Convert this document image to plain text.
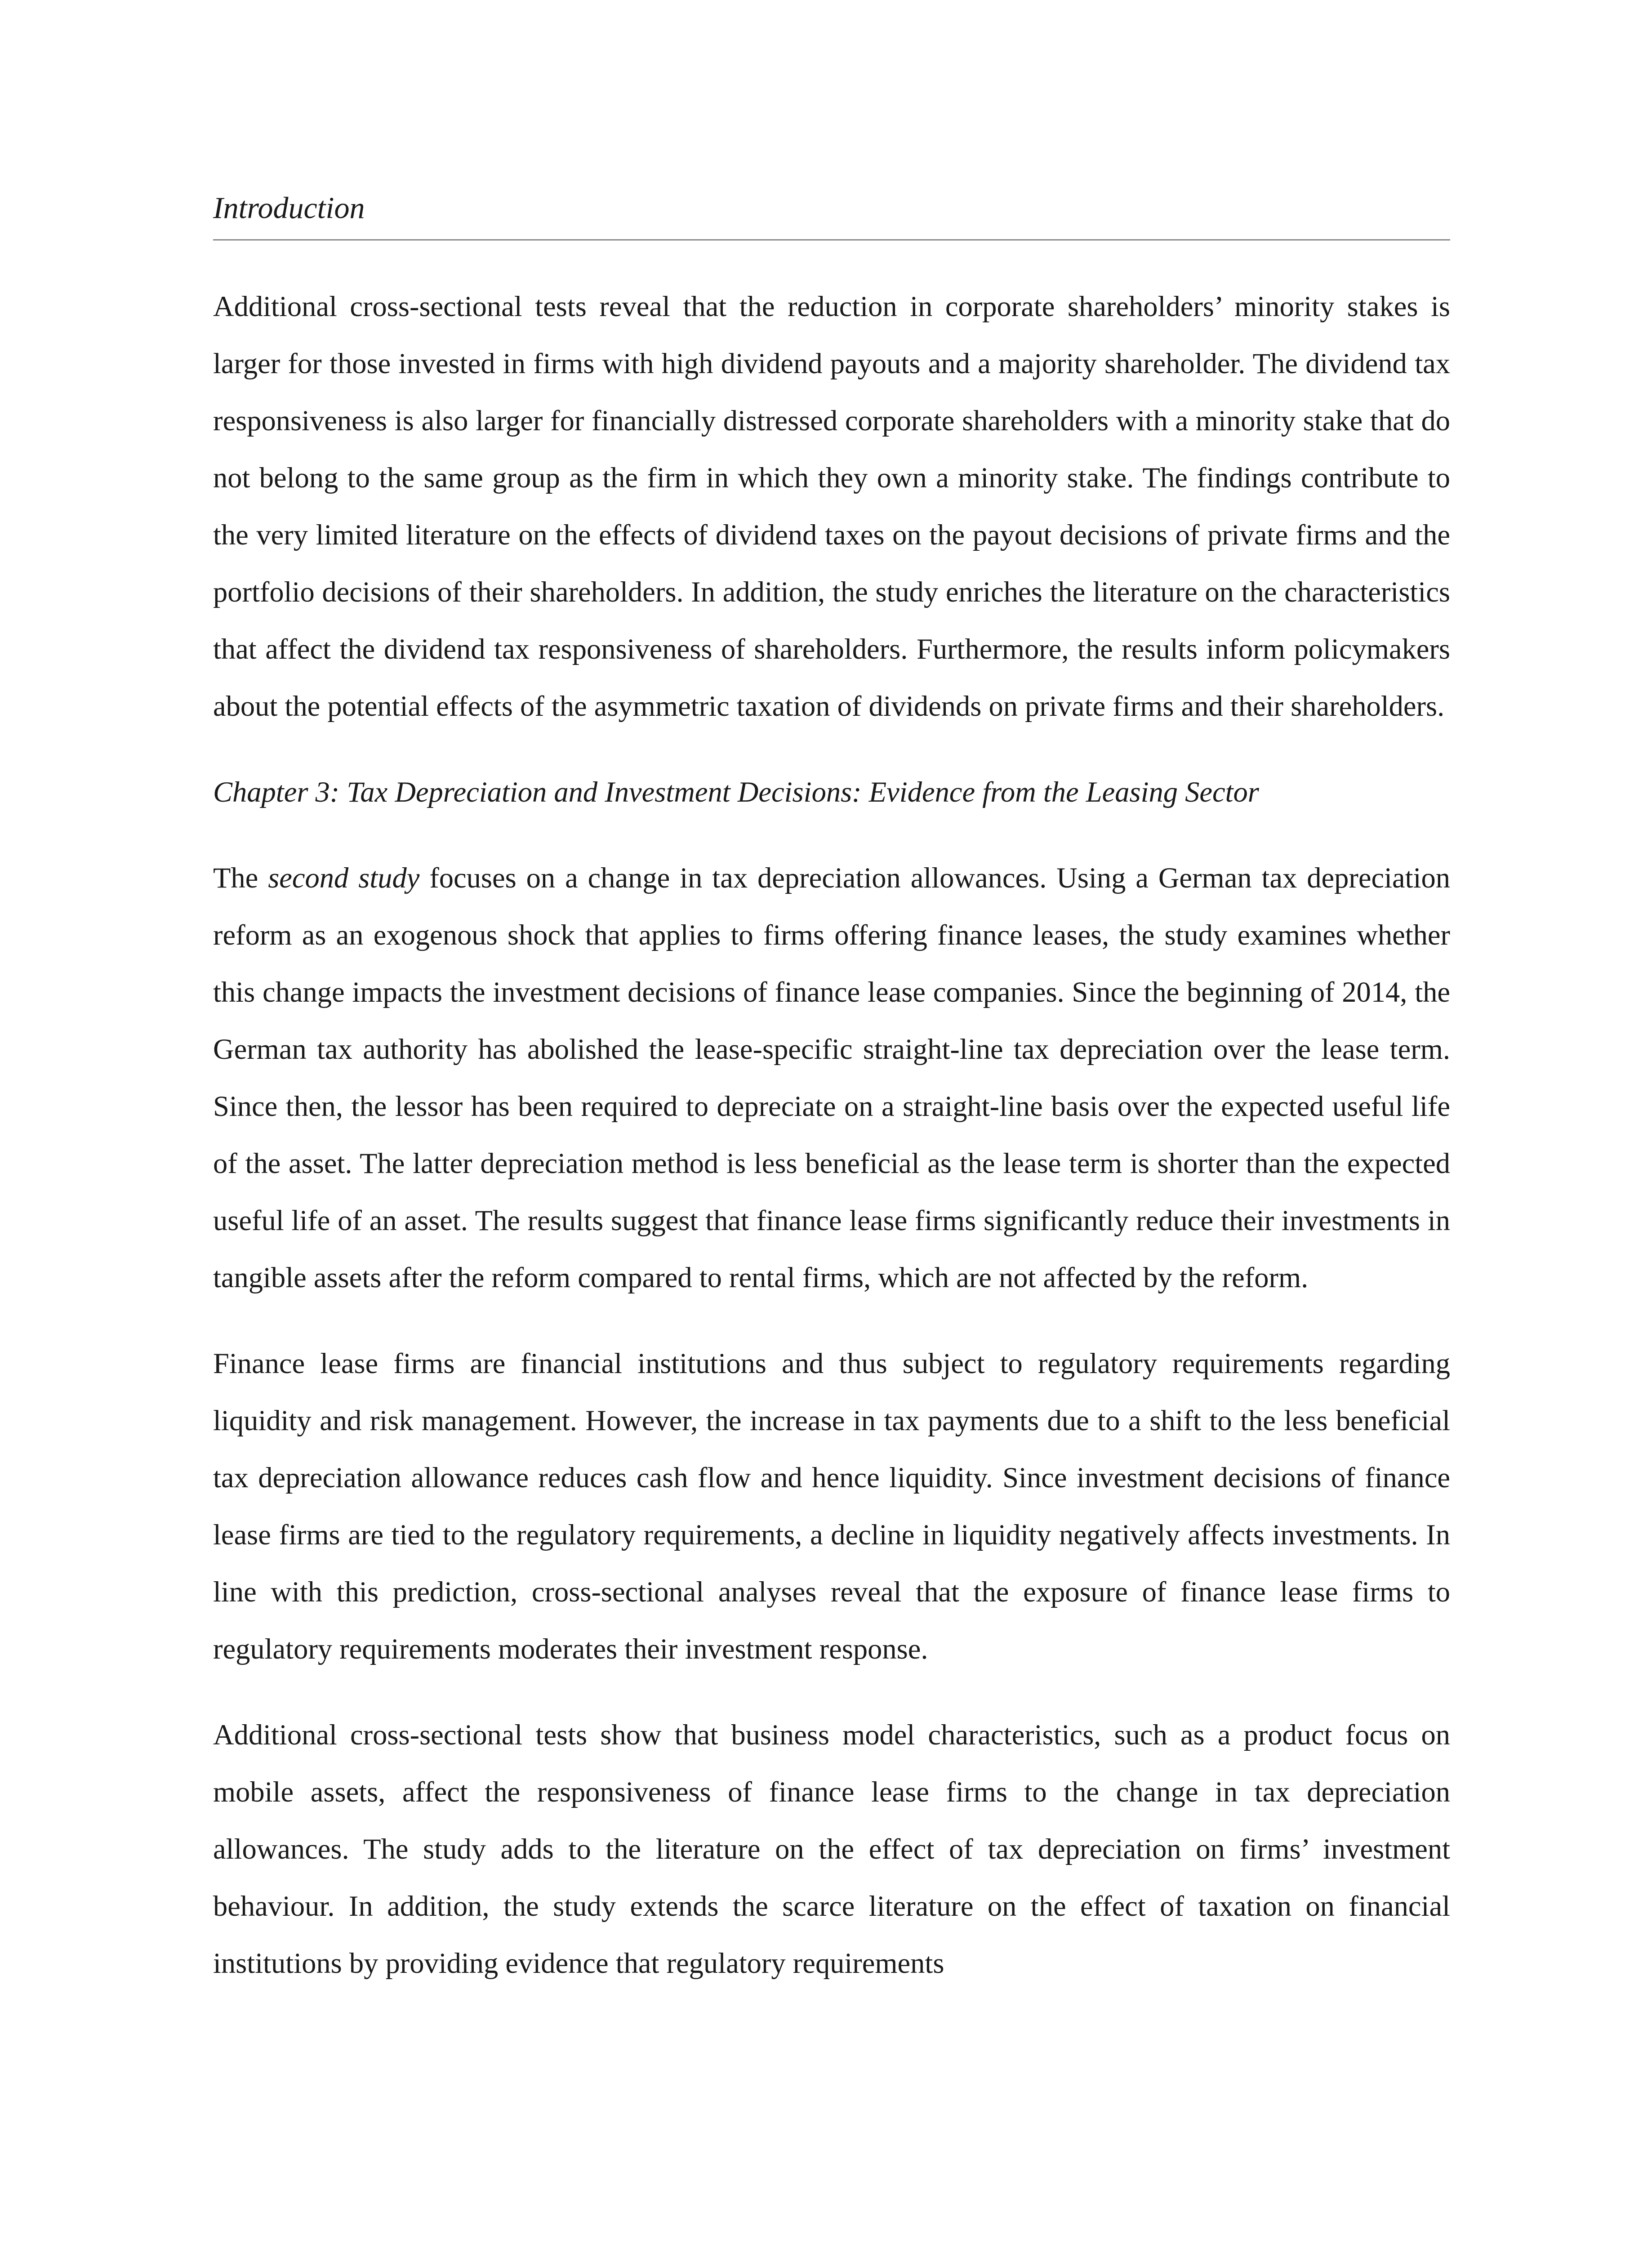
Introduction

Additional cross-sectional tests reveal that the reduction in corporate shareholders’ minority stakes is larger for those invested in firms with high dividend payouts and a majority shareholder. The dividend tax responsiveness is also larger for financially distressed corporate shareholders with a minority stake that do not belong to the same group as the firm in which they own a minority stake. The findings contribute to the very limited literature on the effects of dividend taxes on the payout decisions of private firms and the portfolio decisions of their shareholders. In addition, the study enriches the literature on the characteristics that affect the dividend tax responsiveness of shareholders. Furthermore, the results inform policymakers about the potential effects of the asymmetric taxation of dividends on private firms and their shareholders.

Chapter 3: Tax Depreciation and Investment Decisions: Evidence from the Leasing Sector

The second study focuses on a change in tax depreciation allowances. Using a German tax depreciation reform as an exogenous shock that applies to firms offering finance leases, the study examines whether this change impacts the investment decisions of finance lease companies. Since the beginning of 2014, the German tax authority has abolished the lease-specific straight-line tax depreciation over the lease term. Since then, the lessor has been required to depreciate on a straight-line basis over the expected useful life of the asset. The latter depreciation method is less beneficial as the lease term is shorter than the expected useful life of an asset. The results suggest that finance lease firms significantly reduce their investments in tangible assets after the reform compared to rental firms, which are not affected by the reform.

Finance lease firms are financial institutions and thus subject to regulatory requirements regarding liquidity and risk management. However, the increase in tax payments due to a shift to the less beneficial tax depreciation allowance reduces cash flow and hence liquidity. Since investment decisions of finance lease firms are tied to the regulatory requirements, a decline in liquidity negatively affects investments. In line with this prediction, cross-sectional analyses reveal that the exposure of finance lease firms to regulatory requirements moderates their investment response.

Additional cross-sectional tests show that business model characteristics, such as a product focus on mobile assets, affect the responsiveness of finance lease firms to the change in tax depreciation allowances. The study adds to the literature on the effect of tax depreciation on firms’ investment behaviour. In addition, the study extends the scarce literature on the effect of taxation on financial institutions by providing evidence that regulatory requirements
